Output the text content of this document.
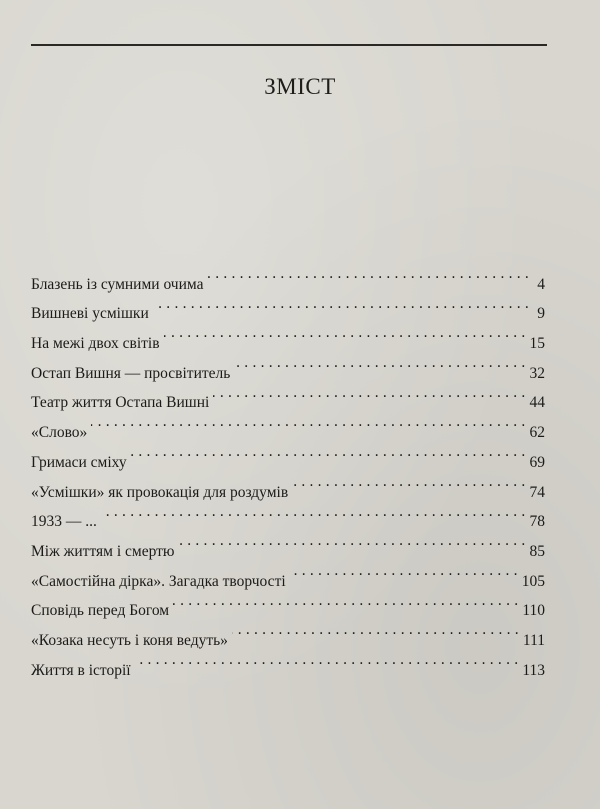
ЗМІСТ
Блазень із сумними очима . . .	4
Вишневі усмішки . . .	9
На межі двох світів . . .	15
Остап Вишня — просвітитель . . .	32
Театр життя Остапа Вишні . . .	44
«Слово» . . .	62
Гримаси сміху . . .	69
«Усмішки» як провокація для роздумів . . .	74
1933 — ... . . .	78
Між життям і смертю . . .	85
«Самостійна дірка». Загадка творчості . . .	105
Сповідь перед Богом . . .	110
«Козака несуть і коня ведуть» . . .	111
Життя в історії . . .	113
